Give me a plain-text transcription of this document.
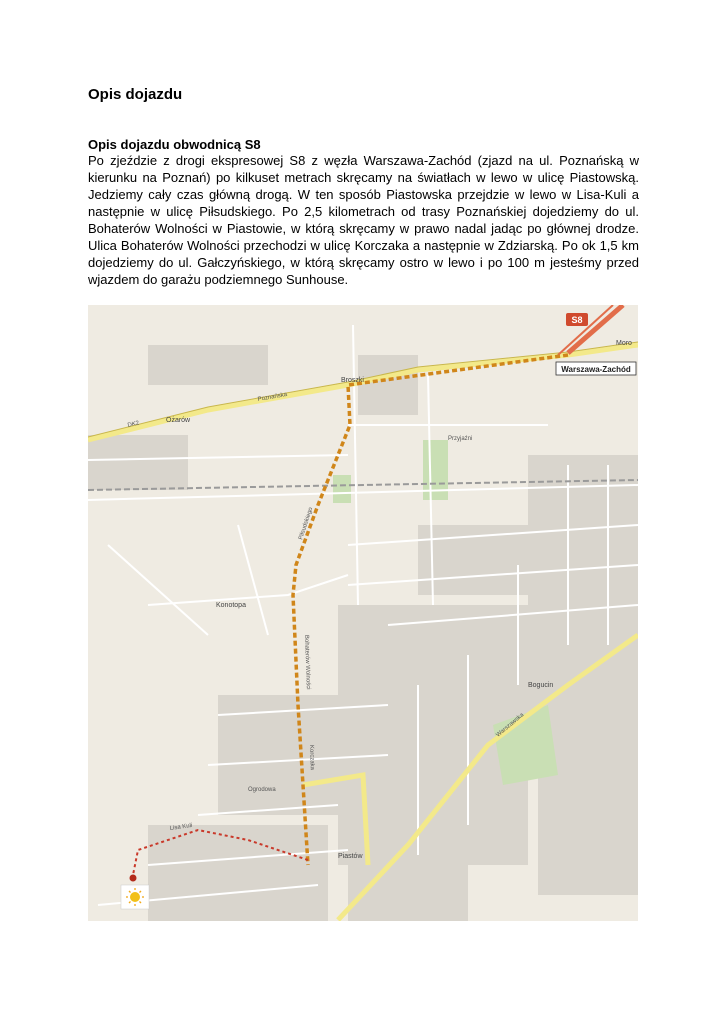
Opis dojazdu
Opis dojazdu obwodnicą S8

Po zjeździe z drogi ekspresowej S8 z węzła Warszawa-Zachód (zjazd na ul. Poznańską w kierunku na Poznań) po kilkuset metrach skręcamy na światłach w lewo w ulicę Piastowską. Jedziemy cały czas główną drogą. W ten sposób Piastowska przejdzie w lewo w Lisa-Kuli a następnie w ulicę Piłsudskiego. Po 2,5 kilometrach od trasy Poznańskiej dojedziemy do ul. Bohaterów Wolności w Piastowie, w którą skręcamy w prawo nadal jadąc po głównej drodze. Ulica Bohaterów Wolności przechodzi w ulicę Korczaka a następnie w Zdziarską. Po ok 1,5 km dojedziemy do ul. Gałczyńskiego, w którą skręcamy ostro w lewo i po 100 m jesteśmy przed wjazdem do garażu podziemnego Sunhouse.

S8
Warszawa-Zachód
Broszki
Ożarów
Konotopa
Piastów
Bogucin
Moro
Poznańska
DK2
Piłsudskiego
Bohaterów Wolności
Korczaka
Warszawska
Ogrodowa
Przyjaźni
Lisa Kuli
